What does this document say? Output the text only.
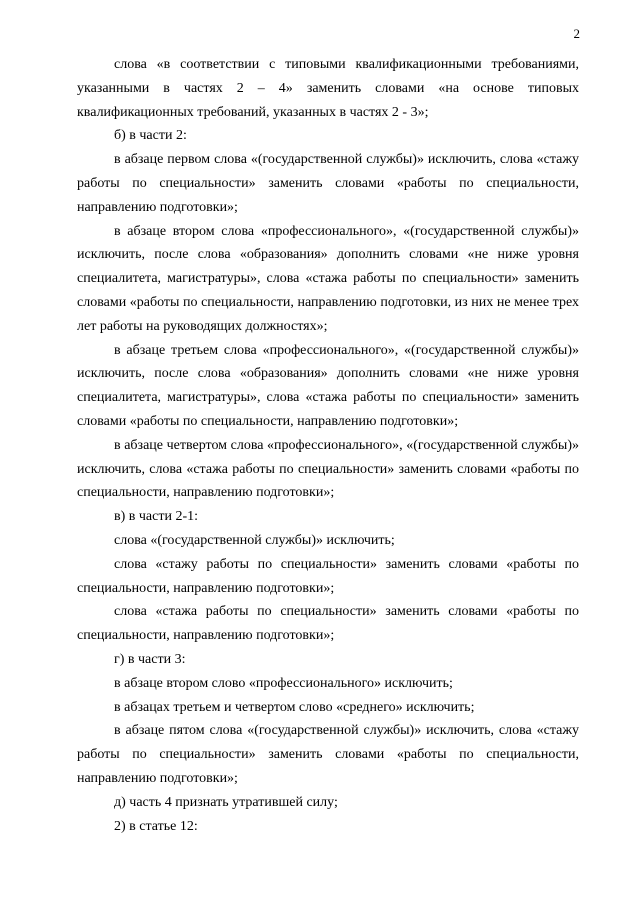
2

слова «в соответствии с типовыми квалификационными требованиями, указанными в частях 2 – 4» заменить словами «на основе типовых квалификационных требований, указанных в частях 2 - 3»;

б) в части 2:

в абзаце первом слова «(государственной службы)» исключить, слова «стажу работы по специальности» заменить словами «работы по специальности, направлению подготовки»;

в абзаце втором слова «профессионального», «(государственной службы)» исключить, после слова «образования» дополнить словами «не ниже уровня специалитета, магистратуры», слова «стажа работы по специальности» заменить словами «работы по специальности, направлению подготовки, из них не менее трех лет работы на руководящих должностях»;

в абзаце третьем слова «профессионального», «(государственной службы)» исключить, после слова «образования» дополнить словами «не ниже уровня специалитета, магистратуры», слова «стажа работы по специальности» заменить словами «работы по специальности, направлению подготовки»;

в абзаце четвертом слова «профессионального», «(государственной службы)» исключить, слова «стажа работы по специальности» заменить словами «работы по специальности, направлению подготовки»;

в) в части 2-1:

слова «(государственной службы)» исключить;

слова «стажу работы по специальности» заменить словами «работы по специальности, направлению подготовки»;

слова «стажа работы по специальности» заменить словами «работы по специальности, направлению подготовки»;

г) в части 3:

в абзаце втором слово «профессионального» исключить;

в абзацах третьем и четвертом слово «среднего» исключить;

в абзаце пятом слова «(государственной службы)» исключить, слова «стажу работы по специальности» заменить словами «работы по специальности, направлению подготовки»;

д) часть 4 признать утратившей силу;

2) в статье 12:
